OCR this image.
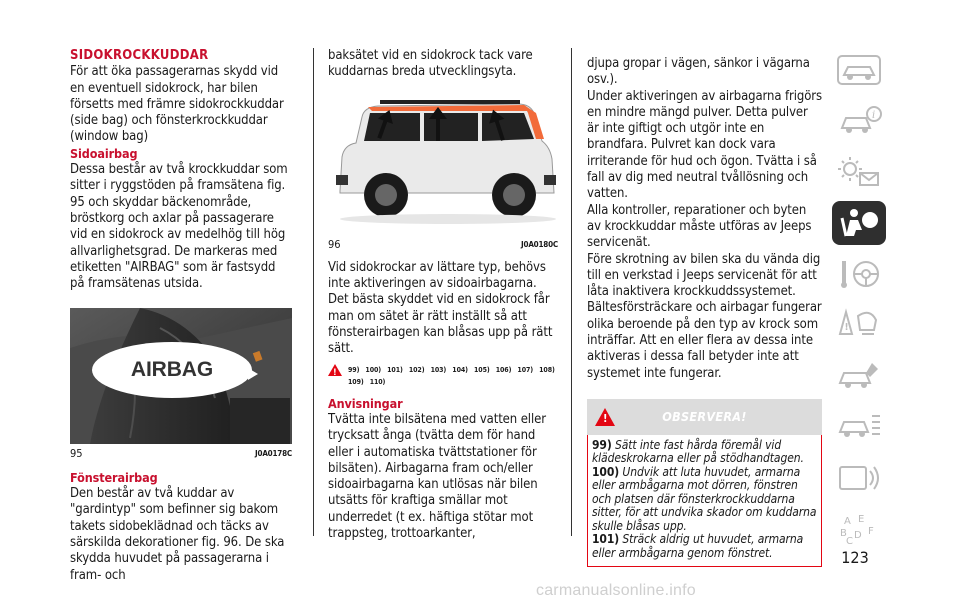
SIDOKROCKKUDDAR

För att öka passagerarnas skydd vid en eventuell sidokrock, har bilen försetts med främre sidokrockkuddar (side bag) och fönsterkrockkuddar (window bag)

Sidoairbag

Dessa består av två krockkuddar som sitter i ryggstöden på framsätena fig. 95 och skyddar bäckenområde, bröstkorg och axlar på passagerare vid en sidokrock av medelhög till hög allvarlighetsgrad. De markeras med etiketten "AIRBAG" som är fastsydd på framsätenas utsida.

AIRBAG
95	J0A0178C

Fönsterairbag

Den består av två kuddar av "gardintyp" som befinner sig bakom takets sidobeklädnad och täcks av särskilda dekorationer fig. 96. De ska skydda huvudet på passagerarna i fram- och

baksätet vid en sidokrock tack vare kuddarnas breda utvecklingsyta.

96	J0A0180C

Vid sidokrockar av lättare typ, behövs inte aktiveringen av sidoairbagarna. Det bästa skyddet vid en sidokrock får man om sätet är rätt inställt så att fönsterairbagen kan blåsas upp på rätt sätt.

! 99) 100) 101) 102) 103) 104) 105) 106) 107) 108) 109) 110)

Anvisningar

Tvätta inte bilsätena med vatten eller trycksatt ånga (tvätta dem för hand eller i automatiska tvättstationer för bilsäten). Airbagarna fram och/eller sidoairbagarna kan utlösas när bilen utsätts för kraftiga smällar mot underredet (t ex. häftiga stötar mot trappsteg, trottoarkanter,

djupa gropar i vägen, sänkor i vägarna osv.).

Under aktiveringen av airbagarna frigörs en mindre mängd pulver. Detta pulver är inte giftigt och utgör inte en brandfara. Pulvret kan dock vara irriterande för hud och ögon. Tvätta i så fall av dig med neutral tvållösning och vatten.

Alla kontroller, reparationer och byten av krockkuddar måste utföras av Jeeps servicenät.

Före skrotning av bilen ska du vända dig till en verkstad i Jeeps servicenät för att låta inaktivera krockkuddssystemet.

Bältesförsträckare och airbagar fungerar olika beroende på den typ av krock som inträffar. Att en eller flera av dessa inte aktiveras i dessa fall betyder inte att systemet inte fungerar.

!	OBSERVERA!

99) Sätt inte fast hårda föremål vid klädeskrokarna eller på stödhandtagen.

100) Undvik att luta huvudet, armarna eller armbågarna mot dörren, fönstren och platsen där fönsterkrockkuddarna sitter, för att undvika skador om kuddarna skulle blåsas upp.

101) Sträck aldrig ut huvudet, armarna eller armbågarna genom fönstret.

i
!
A E
B D
C
F
123
carmanualsonline.info
